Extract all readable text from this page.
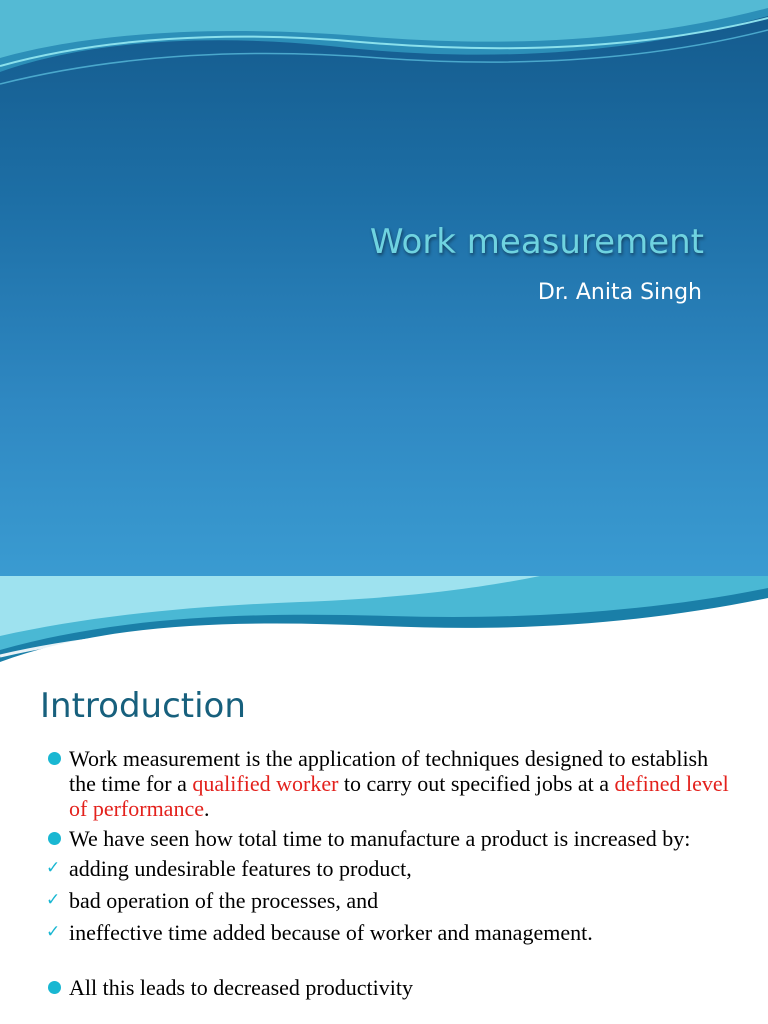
Work measurement
Dr. Anita Singh
Introduction
Work measurement is the application of techniques designed to establish the time for a qualified worker to carry out specified jobs at a defined level of performance.
We have seen how total time to manufacture a product is increased by:
✓ adding undesirable features to product,
✓ bad operation of the processes, and
✓ ineffective time added because of worker and management.
All this leads to decreased productivity
